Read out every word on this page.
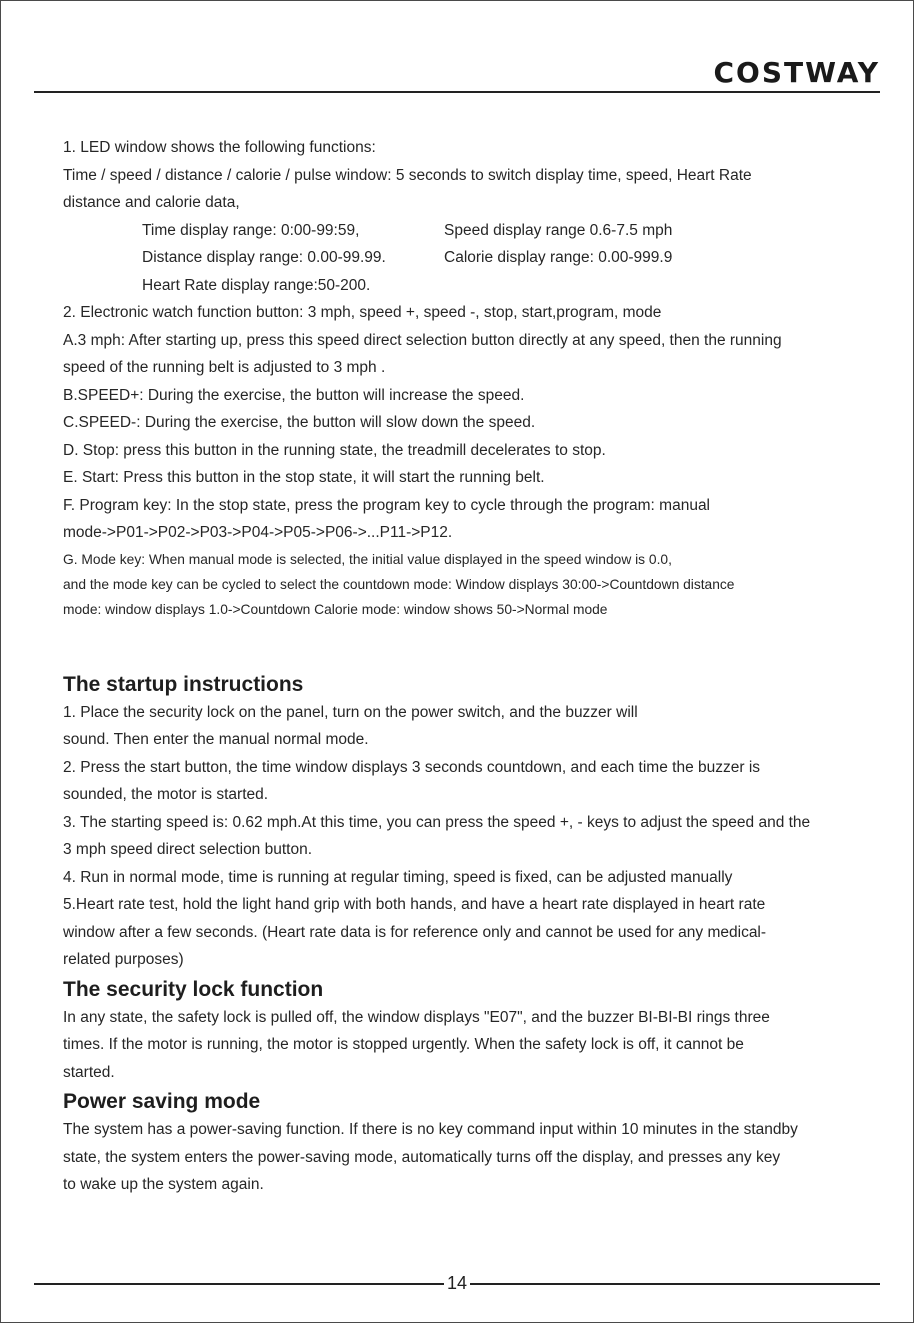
COSTWAY
1. LED window shows the following functions:
Time / speed / distance / calorie / pulse window: 5 seconds to switch display time, speed, Heart Rate
distance and calorie data,
Time display range: 0:00-99:59,	Speed display range 0.6-7.5 mph
Distance display range: 0.00-99.99.	Calorie display range: 0.00-999.9
Heart Rate display range:50-200.
2. Electronic watch function button: 3 mph, speed +, speed -, stop, start,program, mode
A.3 mph: After starting up, press this speed direct selection button directly at any speed, then the running
speed of the running belt is adjusted to 3 mph .
B.SPEED+: During the exercise, the button will increase the speed.
C.SPEED-: During the exercise, the button will slow down the speed.
D. Stop: press this button in the running state, the treadmill decelerates to stop.
E. Start: Press this button in the stop state, it will start the running belt.
F. Program key: In the stop state, press the program key to cycle through the program: manual
mode->P01->P02->P03->P04->P05->P06->...P11->P12.
G. Mode key: When manual mode is selected, the initial value displayed in the speed window is 0.0,
and the mode key can be cycled to select the countdown mode: Window displays 30:00->Countdown distance
mode: window displays 1.0->Countdown Calorie mode: window shows 50->Normal mode
The startup instructions
1. Place the security lock on the panel, turn on the power switch, and the buzzer will
sound. Then enter the manual normal mode.
2. Press the start button, the time window displays 3 seconds countdown, and each time the buzzer is
sounded, the motor is started.
3. The starting speed is: 0.62 mph.At this time, you can press the speed +, - keys to adjust the speed and the
3 mph speed direct selection button.
4. Run in normal mode, time is running at regular timing, speed is fixed, can be adjusted manually
5.Heart rate test, hold the light hand grip with both hands, and have a heart rate displayed in heart rate
window after a few seconds. (Heart rate data is for reference only and cannot be used for any medical-
related purposes)
The security lock function
In any state, the safety lock is pulled off, the window displays "E07", and the buzzer BI-BI-BI rings three
times. If the motor is running, the motor is stopped urgently. When the safety lock is off, it cannot be
started.
Power saving mode
The system has a power-saving function. If there is no key command input within 10 minutes in the standby
state, the system enters the power-saving mode, automatically turns off the display, and presses any key
to wake up the system again.
14
